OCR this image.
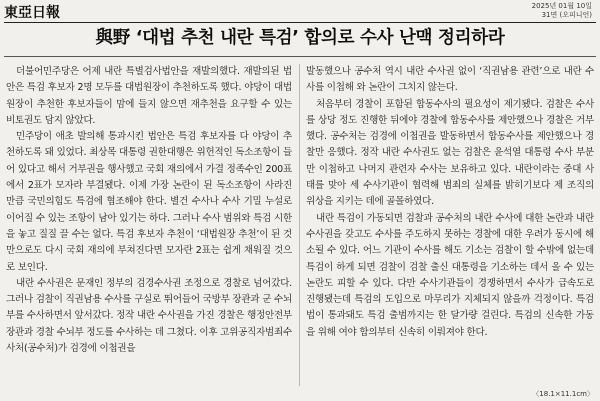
東亞日報	2025년 01월 10일
31면 (오피니언)
與野 ‘대법 추천 내란 특검’ 합의로 수사 난맥 정리하라

더불어민주당은 어제 내란 특별검사법안을 재발의했다. 재발의된 법안은 특검 후보자 2명 모두를 대법원장이 추천하도록 했다. 야당이 대법원장이 추천한 후보자들이 맘에 들지 않으면 재추천을 요구할 수 있는 비토권도 담지 않았다.

민주당이 애초 발의해 통과시킨 법안은 특검 후보자를 다 야당이 추천하도록 돼 있었다. 최상목 대통령 권한대행은 위헌적인 독소조항이 들어 있다고 해서 거부권을 행사했고 국회 재의에서 가결 정족수인 200표에서 2표가 모자라 부결됐다. 이제 가장 논란이 된 독소조항이 사라진 만큼 국민의힘도 특검에 협조해야 한다. 별건 수사나 수사 기밀 누설로 이어질 수 있는 조항이 남아 있기는 하다. 그러나 수사 범위와 특검 시한을 놓고 질질 끌 수는 없다. 특검 후보자 추천이 ‘대법원장 추천’이 된 것만으로도 다시 국회 재의에 부쳐진다면 모자란 2표는 쉽게 채워질 것으로 보인다.

내란 수사권은 문재인 정부의 검경수사권 조정으로 경찰로 넘어갔다. 그러나 검찰이 직권남용 수사를 구실로 뛰어들어 국방부 장관과 군 수뇌부를 수사하면서 앞서갔다. 정작 내란 수사권을 가진 경찰은 행정안전부 장관과 경찰 수뇌부 정도를 수사하는 데 그쳤다. 이후 고위공직자범죄수사처(공수처)가 검경에 이첩권을

발동했으나 공수처 역시 내란 수사권 없이 ‘직권남용 관련’으로 내란 수사를 이첩해 와 논란이 그치지 않는다.

처음부터 경찰이 포함된 합동수사의 필요성이 제기됐다. 검찰은 수사를 상당 정도 진행한 뒤에야 경찰에 합동수사를 제안했으나 경찰은 거부했다. 공수처는 검경에 이첩권을 발동하면서 합동수사를 제안했으나 경찰만 응했다. 정작 내란 수사권도 없는 검찰은 윤석열 대통령 수사 부분만 이첩하고 나머지 관련자 수사는 보유하고 있다. 내란이라는 중대 사태를 맞아 세 수사기관이 협력해 범죄의 실체를 밝히기보다 제 조직의 위상을 지키는 데에 골몰하였다.

내란 특검이 가동되면 검찰과 공수처의 내란 수사에 대한 논란과 내란 수사권을 갖고도 수사를 주도하지 못하는 경찰에 대한 우려가 동시에 해소될 수 있다. 어느 기관이 수사를 해도 기소는 검찰이 할 수밖에 없는데 특검이 하게 되면 검찰이 검찰 출신 대통령을 기소하는 데서 올 수 있는 논란도 피할 수 있다. 다만 수사기관들이 경쟁하면서 수사가 급속도로 진행됐는데 특검의 도입으로 마무리가 지체되지 않을까 걱정이다. 특검법이 통과돼도 특검 출범까지는 한 달가량 걸린다. 특검의 신속한 가동을 위해 여야 합의부터 신속히 이뤄져야 한다.

〈18.1×11.1cm〉
